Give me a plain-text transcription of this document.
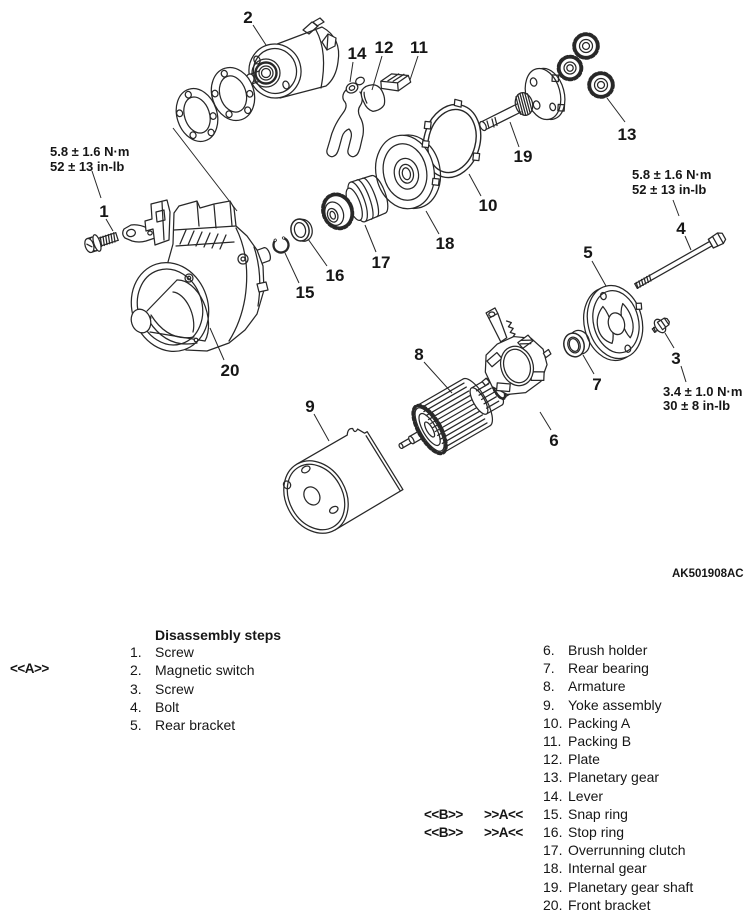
1
2
3
4
5
6
7
8
9
10
11
12
13
14
15
16
17
18
19
20
5.8 ± 1.6 N·m
52 ± 13 in-lb
5.8 ± 1.6 N·m
52 ± 13 in-lb
3.4 ± 1.0 N·m
30 ± 8 in-lb
AK501908AC
Disassembly steps
<<A>>
1. Screw
2. Magnetic switch
3. Screw
4. Bolt
5. Rear bracket
6. Brush holder
7. Rear bearing
8. Armature
9. Yoke assembly
10. Packing A
11. Packing B
12. Plate
13. Planetary gear
14. Lever
15. Snap ring
16. Stop ring
17. Overrunning clutch
18. Internal gear
19. Planetary gear shaft
20. Front bracket
<<B>> >>A<<
<<B>> >>A<<
